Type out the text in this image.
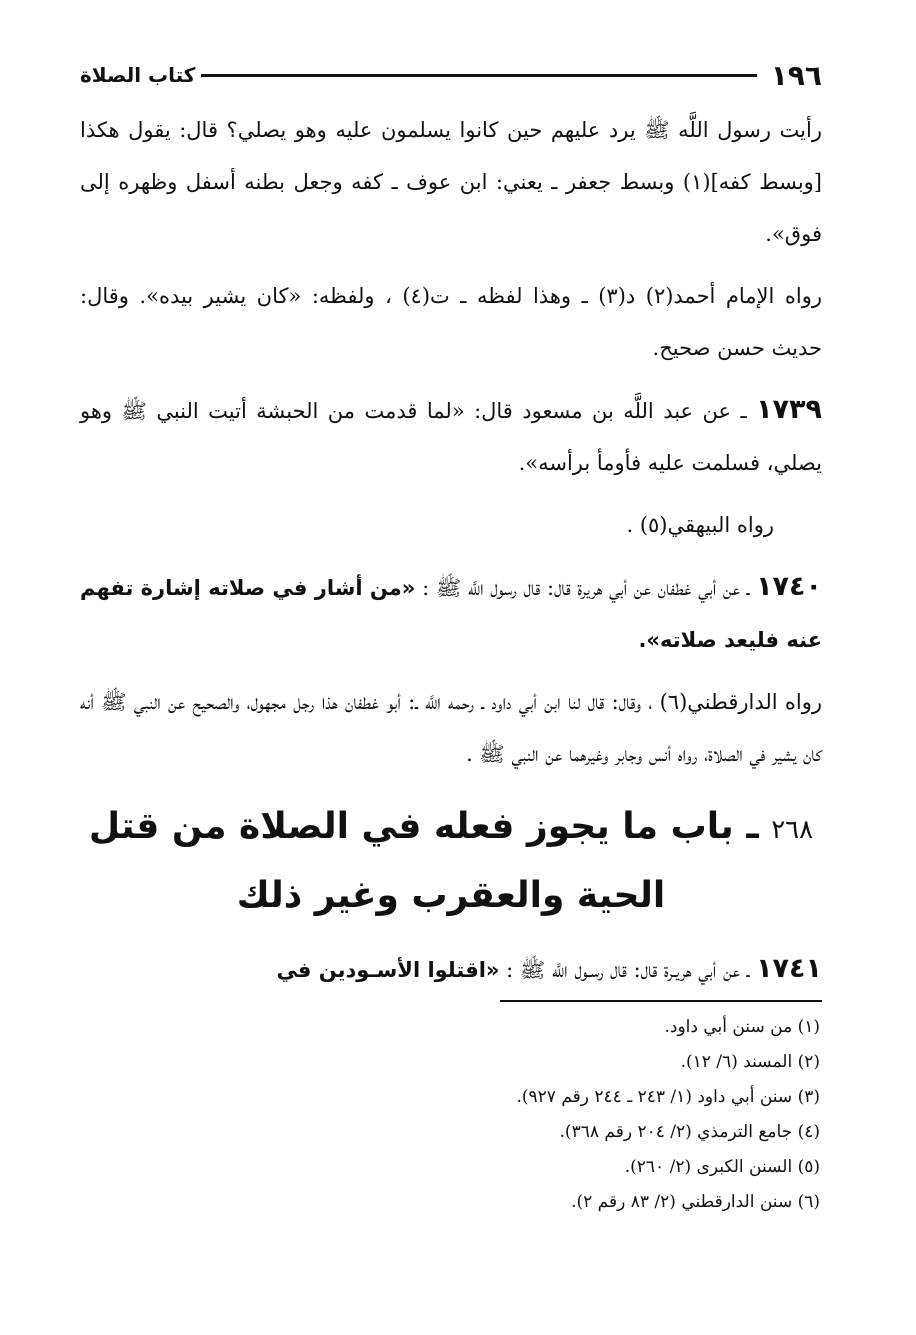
١٩٦
كتاب الصلاة

رأيت رسول اللَّه ﷺ يرد عليهم حين كانوا يسلمون عليه وهو يصلي؟ قال: يقول هكذا [وبسط كفه](١) وبسط جعفر ـ يعني: ابن عوف ـ كفه وجعل بطنه أسفل وظهره إلى فوق».

رواه الإمام أحمد(٢) د(٣) ـ وهذا لفظه ـ ت(٤) ، ولفظه: «كان يشير بيده». وقال: حديث حسن صحيح.

١٧٣٩ ـ عن عبد اللَّه بن مسعود قال: «لما قدمت من الحبشة أتيت النبي ﷺ وهو يصلي، فسلمت عليه فأومأ برأسه».

رواه البيهقي(٥) .

١٧٤٠ ـ عن أبي غطفان عن أبي هريرة قال: قال رسول اللَّه ﷺ : «من أشار في صلاته إشارة تفهم عنه فليعد صلاته».

رواه الدارقطني(٦) ، وقال: قال لنا ابن أبي داود ـ رحمه اللَّه ـ: أبو غطفان هذا رجل مجهول، والصحيح عن النبي ﷺ أنه كان يشير في الصلاة، رواه أنس وجابر وغيرهما عن النبي ﷺ .

٢٦٨ ـ باب ما يجوز فعله في الصلاة من قتل الحية والعقرب وغير ذلك

١٧٤١ ـ عن أبي هريـرة قال: قال رسـول اللَّه ﷺ : «اقتلوا الأسـودين في

(١) من سنن أبي داود.
(٢) المسند (٦/ ١٢).
(٣) سنن أبي داود (١/ ٢٤٣ ـ ٢٤٤ رقم ٩٢٧).
(٤) جامع الترمذي (٢/ ٢٠٤ رقم ٣٦٨).
(٥) السنن الكبرى (٢/ ٢٦٠).
(٦) سنن الدارقطني (٢/ ٨٣ رقم ٢).
